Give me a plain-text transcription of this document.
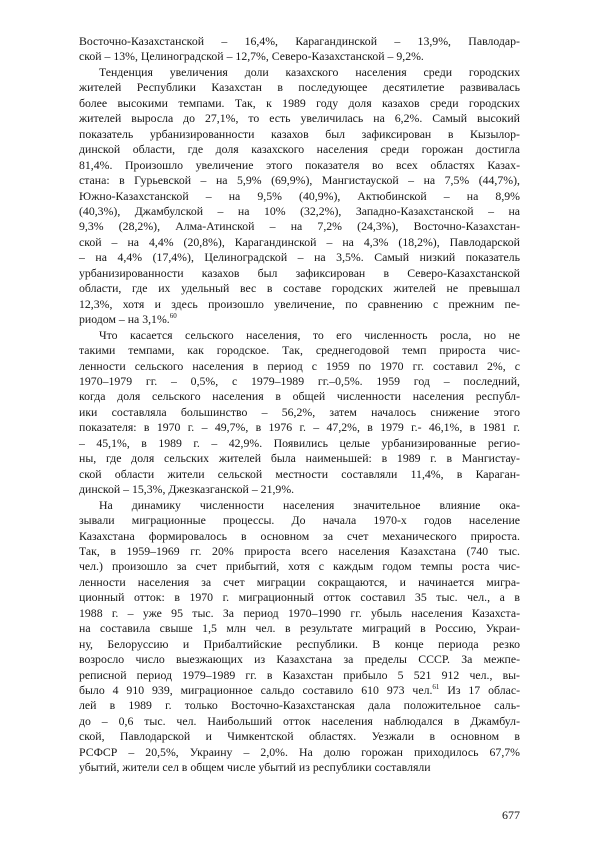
Восточно-Казахстанской – 16,4%, Карагандинской – 13,9%, Павлодар-
ской – 13%, Целиноградской – 12,7%, Северо-Казахстанской – 9,2%.
Тенденция увеличения доли казахского населения среди городских
жителей Республики Казахстан в последующее десятилетие развивалась
более высокими темпами. Так, к 1989 году доля казахов среди городских
жителей выросла до 27,1%, то есть увеличилась на 6,2%. Самый высокий
показатель урбанизированности казахов был зафиксирован в Кызылор-
динской области, где доля казахского населения среди горожан достигла
81,4%. Произошло увеличение этого показателя во всех областях Казах-
стана: в Гурьевской – на 5,9% (69,9%), Мангистауской – на 7,5% (44,7%),
Южно-Казахстанской – на 9,5% (40,9%), Актюбинской – на 8,9%
(40,3%), Джамбулской – на 10% (32,2%), Западно-Казахстанской – на
9,3% (28,2%), Алма-Атинской – на 7,2% (24,3%), Восточно-Казахстан-
ской – на 4,4% (20,8%), Карагандинской – на 4,3% (18,2%), Павлодарской
– на 4,4% (17,4%), Целиноградской – на 3,5%. Самый низкий показатель
урбанизированности казахов был зафиксирован в Северо-Казахстанской
области, где их удельный вес в составе городских жителей не превышал
12,3%, хотя и здесь произошло увеличение, по сравнению с прежним пе-
риодом – на 3,1%.$^{60}$
Что касается сельского населения, то его численность росла, но не
такими темпами, как городское. Так, среднегодовой темп прироста чис-
ленности сельского населения в период с 1959 по 1970 гг. составил 2%, с
1970–1979 гг. – 0,5%, с 1979–1989 гг.–0,5%. 1959 год – последний,
когда доля сельского населения в общей численности населения республ-
ики составляла большинство – 56,2%, затем началось снижение этого
показателя: в 1970 г. – 49,7%, в 1976 г. – 47,2%, в 1979 г.- 46,1%, в 1981 г.
– 45,1%, в 1989 г. – 42,9%. Появились целые урбанизированные регио-
ны, где доля сельских жителей была наименьшей: в 1989 г. в Мангистау-
ской области жители сельской местности составляли 11,4%, в Караган-
динской – 15,3%, Джезказганской – 21,9%.
На динамику численности населения значительное влияние ока-
зывали миграционные процессы. До начала 1970-х годов население
Казахстана формировалось в основном за счет механического прироста.
Так, в 1959–1969 гг. 20% прироста всего населения Казахстана (740 тыс.
чел.) произошло за счет прибытий, хотя с каждым годом темпы роста чис-
ленности населения за счет миграции сокращаются, и начинается мигра-
ционный отток: в 1970 г. миграционный отток составил 35 тыс. чел., а в
1988 г. – уже 95 тыс. За период 1970–1990 гг. убыль населения Казахста-
на составила свыше 1,5 млн чел. в результате миграций в Россию, Украи-
ну, Белоруссию и Прибалтийские республики. В конце периода резко
возросло число выезжающих из Казахстана за пределы СССР. За межпе-
реписной период 1979–1989 гг. в Казахстан прибыло 5 521 912 чел., вы-
было 4 910 939, миграционное сальдо составило 610 973 чел.$^{61}$ Из 17 облас-
лей в 1989 г. только Восточно-Казахстанская дала положительное саль-
до – 0,6 тыс. чел. Наибольший отток населения наблюдался в Джамбул-
ской, Павлодарской и Чимкентской областях. Уезжали в основном в
РСФСР – 20,5%, Украину – 2,0%. На долю горожан приходилось 67,7%
убытий, жители сел в общем числе убытий из республики составляли
677
